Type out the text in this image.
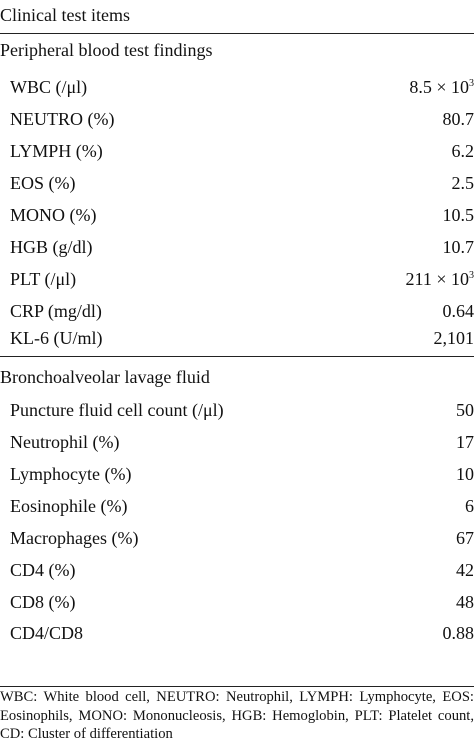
Clinical test items
Peripheral blood test findings
WBC (/μl)	$8.5 \times 10^3$
NEUTRO (%)	80.7
LYMPH (%)	6.2
EOS (%)	2.5
MONO (%)	10.5
HGB (g/dl)	10.7
PLT (/μl)	$211 \times 10^3$
CRP (mg/dl)	0.64
KL-6 (U/ml)	2,101
Bronchoalveolar lavage fluid
Puncture fluid cell count (/μl)	50
Neutrophil (%)	17
Lymphocyte (%)	10
Eosinophile (%)	6
Macrophages (%)	67
CD4 (%)	42
CD8 (%)	48
CD4/CD8	0.88
WBC: White blood cell, NEUTRO: Neutrophil, LYMPH: Lymphocyte, EOS: Eosinophils, MONO: Mononucleosis, HGB: Hemoglobin, PLT: Platelet count, CD: Cluster of differentiation
